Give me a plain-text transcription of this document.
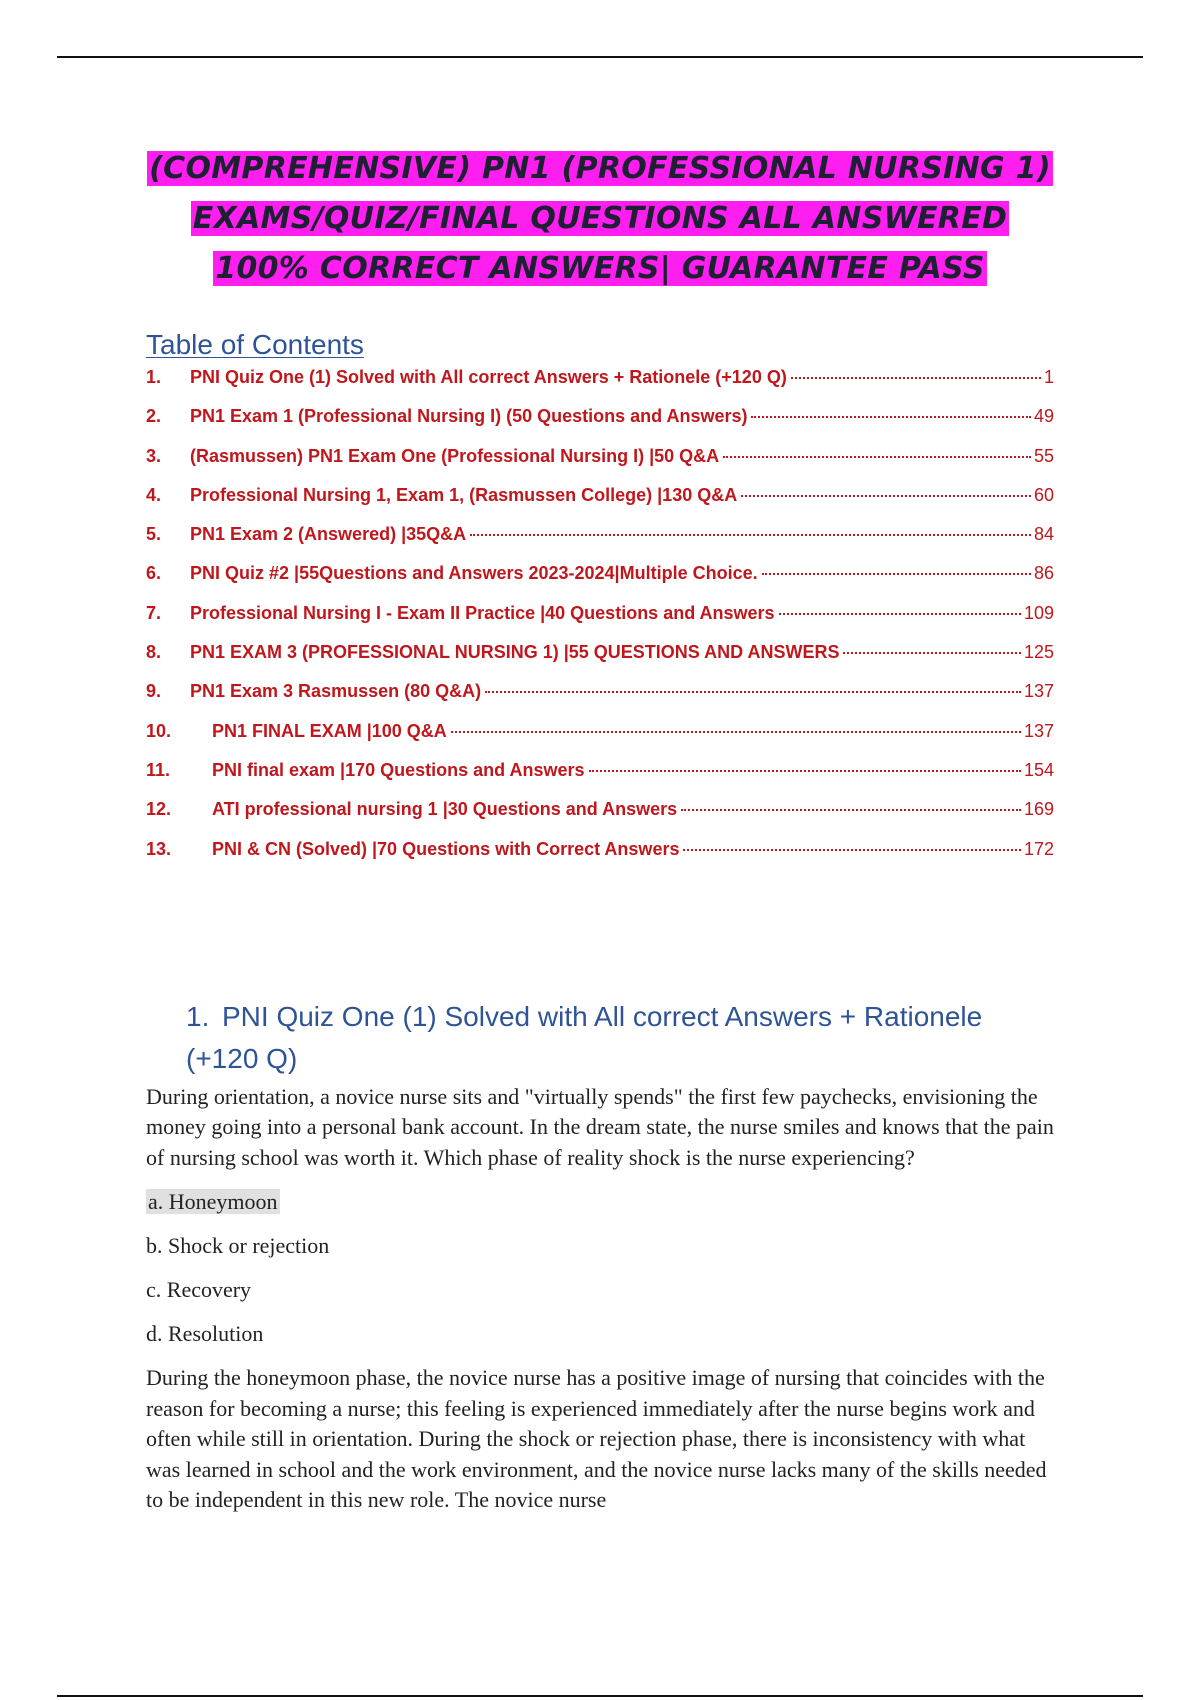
(COMPREHENSIVE) PN1 (PROFESSIONAL NURSING 1) EXAMS/QUIZ/FINAL QUESTIONS ALL ANSWERED 100% CORRECT ANSWERS| GUARANTEE PASS
Table of Contents
1.	PNI Quiz One (1) Solved with All correct Answers + Rationele (+120 Q)	1
2.	PN1 Exam 1 (Professional Nursing I) (50 Questions and Answers)	49
3.	(Rasmussen) PN1 Exam One (Professional Nursing I) |50 Q&A	55
4.	Professional Nursing 1, Exam 1, (Rasmussen College) |130 Q&A	60
5.	PN1 Exam 2 (Answered) |35Q&A	84
6.	PNI Quiz #2 |55Questions and Answers 2023-2024|Multiple Choice.	86
7.	Professional Nursing I - Exam II Practice |40 Questions and Answers	109
8.	PN1 EXAM 3 (PROFESSIONAL NURSING 1) |55 QUESTIONS AND ANSWERS	125
9.	PN1 Exam 3 Rasmussen (80 Q&A)	137
10.	PN1 FINAL EXAM |100 Q&A	137
11.	PNI final exam |170 Questions and Answers	154
12.	ATI professional nursing 1 |30 Questions and Answers	169
13.	PNI & CN (Solved) |70 Questions with Correct Answers	172
1. PNI Quiz One (1) Solved with All correct Answers + Rationele (+120 Q)

During orientation, a novice nurse sits and "virtually spends" the first few paychecks, envisioning the money going into a personal bank account. In the dream state, the nurse smiles and knows that the pain of nursing school was worth it. Which phase of reality shock is the nurse experiencing?

a. Honeymoon

b. Shock or rejection

c. Recovery

d. Resolution

During the honeymoon phase, the novice nurse has a positive image of nursing that coincides with the reason for becoming a nurse; this feeling is experienced immediately after the nurse begins work and often while still in orientation. During the shock or rejection phase, there is inconsistency with what was learned in school and the work environment, and the novice nurse lacks many of the skills needed to be independent in this new role. The novice nurse
